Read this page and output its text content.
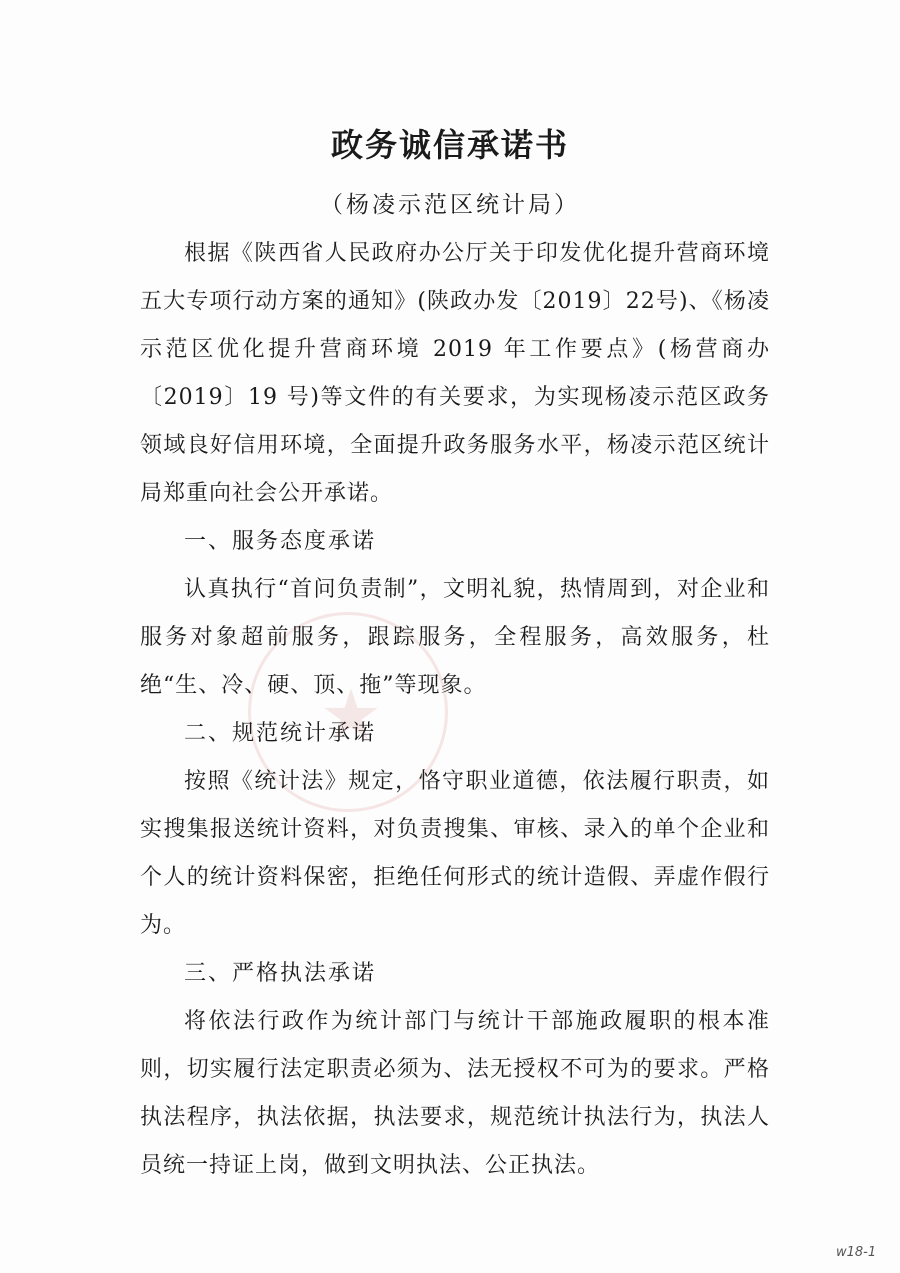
★
政务诚信承诺书
（杨凌示范区统计局）

根据《陕西省人民政府办公厅关于印发优化提升营商环境五大专项行动方案的通知》(陕政办发〔2019〕22号)、《杨凌示范区优化提升营商环境 2019 年工作要点》(杨营商办〔2019〕19 号)等文件的有关要求，为实现杨凌示范区政务领域良好信用环境，全面提升政务服务水平，杨凌示范区统计局郑重向社会公开承诺。

一、服务态度承诺

认真执行“首问负责制”，文明礼貌，热情周到，对企业和服务对象超前服务，跟踪服务，全程服务，高效服务，杜绝“生、冷、硬、顶、拖”等现象。

二、规范统计承诺

按照《统计法》规定，恪守职业道德，依法履行职责，如实搜集报送统计资料，对负责搜集、审核、录入的单个企业和个人的统计资料保密，拒绝任何形式的统计造假、弄虚作假行为。

三、严格执法承诺

将依法行政作为统计部门与统计干部施政履职的根本准则，切实履行法定职责必须为、法无授权不可为的要求。严格执法程序，执法依据，执法要求，规范统计执法行为，执法人员统一持证上岗，做到文明执法、公正执法。

w18-1
